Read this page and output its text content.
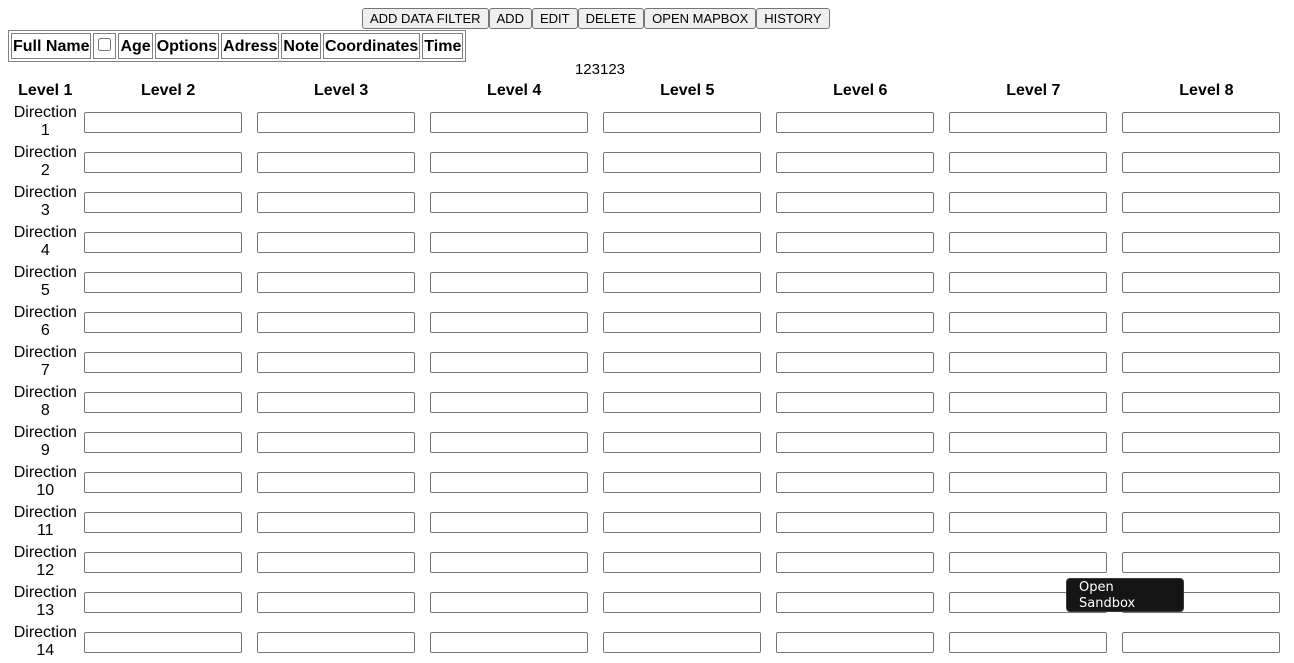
ADD DATA FILTER	ADD	EDIT	DELETE	OPEN MAPBOX	HISTORY
Full Name		Age	Options	Adress	Note	Coordinates	Time
123123
Level 1	Level 2	Level 3	Level 4	Level 5	Level 6	Level 7	Level 8
Direction
1	

Direction
2	

Direction
3	

Direction
4	

Direction
5	

Direction
6	

Direction
7	

Direction
8	

Direction
9	

Direction
10	

Direction
11	

Direction
12	

Direction
13	

Direction
14	

Open Sandbox
